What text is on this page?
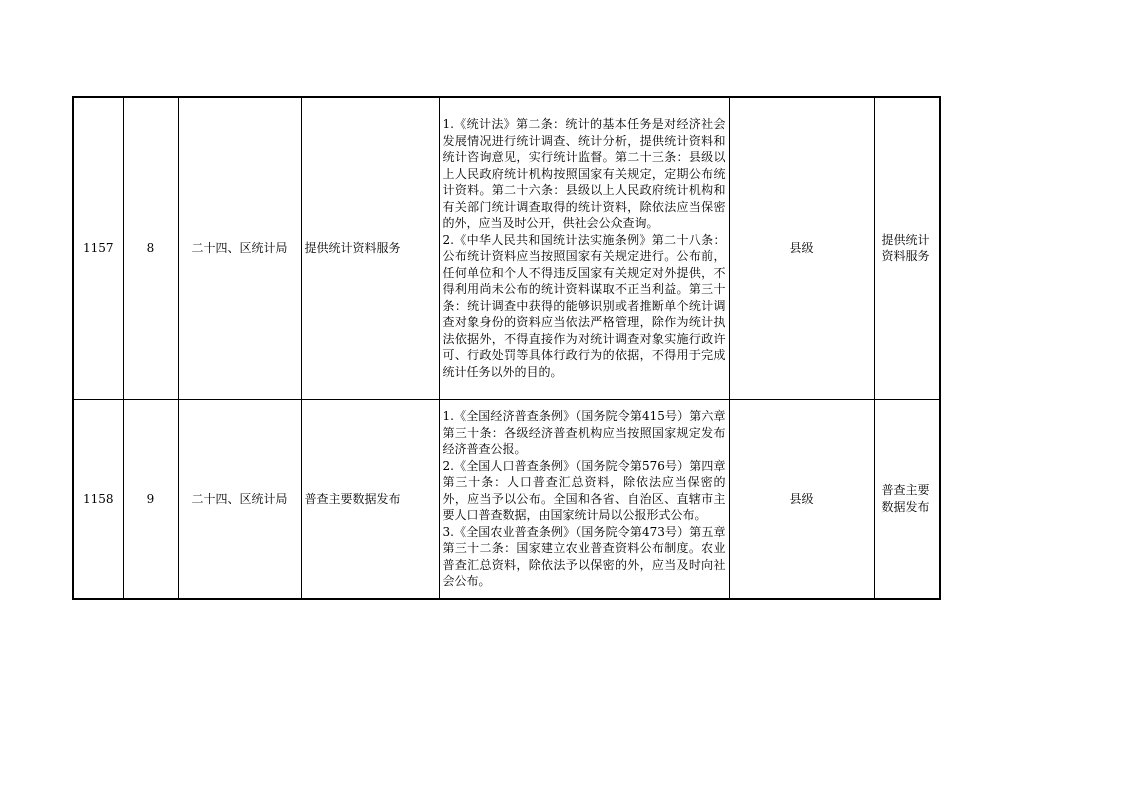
1157	8	二十四、区统计局	提供统计资料服务	1.《统计法》第二条：统计的基本任务是对经济社会发展情况进行统计调查、统计分析，提供统计资料和统计咨询意见，实行统计监督。第二十三条：县级以上人民政府统计机构按照国家有关规定，定期公布统计资料。第二十六条：县级以上人民政府统计机构和有关部门统计调查取得的统计资料，除依法应当保密的外，应当及时公开，供社会公众查询。
2.《中华人民共和国统计法实施条例》第二十八条：公布统计资料应当按照国家有关规定进行。公布前，任何单位和个人不得违反国家有关规定对外提供，不得利用尚未公布的统计资料谋取不正当利益。第三十条：统计调查中获得的能够识别或者推断单个统计调查对象身份的资料应当依法严格管理，除作为统计执法依据外，不得直接作为对统计调查对象实施行政许可、行政处罚等具体行政行为的依据，不得用于完成统计任务以外的目的。	县级	提供统计资料服务
1158	9	二十四、区统计局	普查主要数据发布	1.《全国经济普查条例》（国务院令第415号）第六章第三十条：各级经济普查机构应当按照国家规定发布经济普查公报。
2.《全国人口普查条例》（国务院令第576号）第四章第三十条：人口普查汇总资料，除依法应当保密的外，应当予以公布。全国和各省、自治区、直辖市主要人口普查数据，由国家统计局以公报形式公布。
3.《全国农业普查条例》（国务院令第473号）第五章第三十二条：国家建立农业普查资料公布制度。农业普查汇总资料，除依法予以保密的外，应当及时向社会公布。	县级	普查主要数据发布
